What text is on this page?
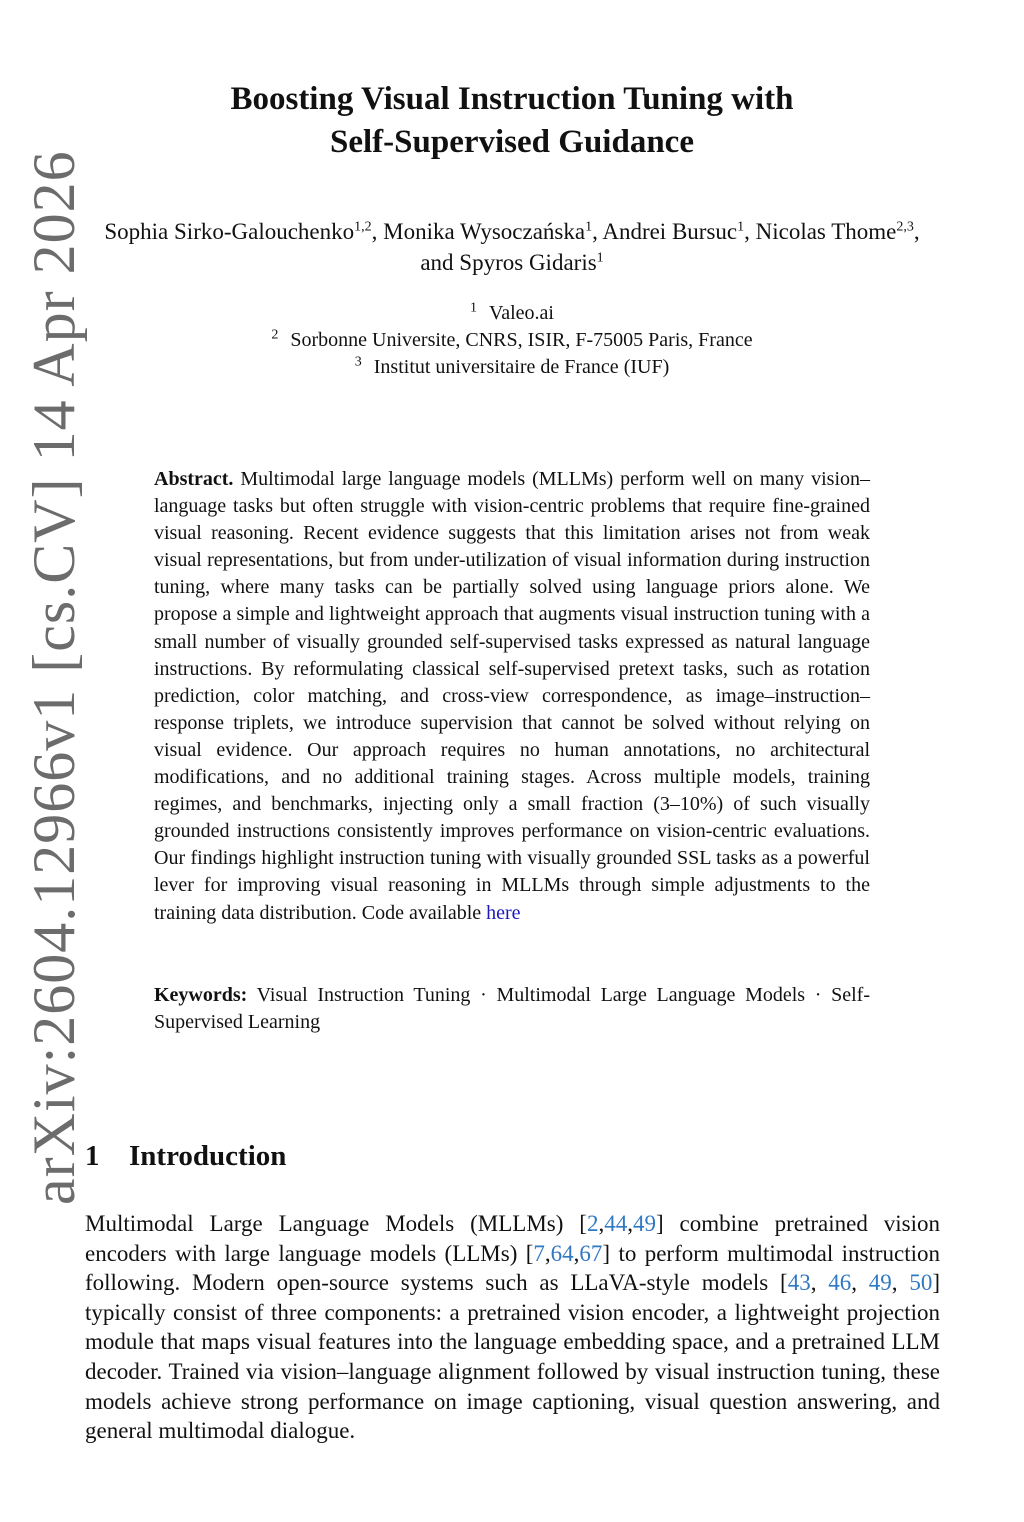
arXiv:2604.12966v1 [cs.CV] 14 Apr 2026
Boosting Visual Instruction Tuning with
Self-Supervised Guidance
Sophia Sirko-Galouchenko$^{1,2}$, Monika Wysoczańska$^1$, Andrei Bursuc$^1$, Nicolas Thome$^{2,3}$, and Spyros Gidaris$^1$
$^1$ Valeo.ai
$^2$ Sorbonne Universite, CNRS, ISIR, F-75005 Paris, France
$^3$ Institut universitaire de France (IUF)
Abstract. Multimodal large language models (MLLMs) perform well on many vision–language tasks but often struggle with vision-centric problems that require fine-grained visual reasoning. Recent evidence suggests that this limitation arises not from weak visual representations, but from under-utilization of visual information during instruction tuning, where many tasks can be partially solved using language priors alone. We propose a simple and lightweight approach that augments visual instruction tuning with a small number of visually grounded self-supervised tasks expressed as natural language instructions. By reformulating classical self-supervised pretext tasks, such as rotation prediction, color matching, and cross-view correspondence, as image–instruction–response triplets, we introduce supervision that cannot be solved without relying on visual evidence. Our approach requires no human annotations, no architectural modifications, and no additional training stages. Across multiple models, training regimes, and benchmarks, injecting only a small fraction (3–10%) of such visually grounded instructions consistently improves performance on vision-centric evaluations. Our findings highlight instruction tuning with visually grounded SSL tasks as a powerful lever for improving visual reasoning in MLLMs through simple adjustments to the training data distribution. Code available here
Keywords: Visual Instruction Tuning · Multimodal Large Language Models · Self-Supervised Learning
1 Introduction
Multimodal Large Language Models (MLLMs) [2,44,49] combine pretrained vision encoders with large language models (LLMs) [7,64,67] to perform multimodal instruction following. Modern open-source systems such as LLaVA-style models [43, 46, 49, 50] typically consist of three components: a pretrained vision encoder, a lightweight projection module that maps visual features into the language embedding space, and a pretrained LLM decoder. Trained via vision–language alignment followed by visual instruction tuning, these models achieve strong performance on image captioning, visual question answering, and general multimodal dialogue.
